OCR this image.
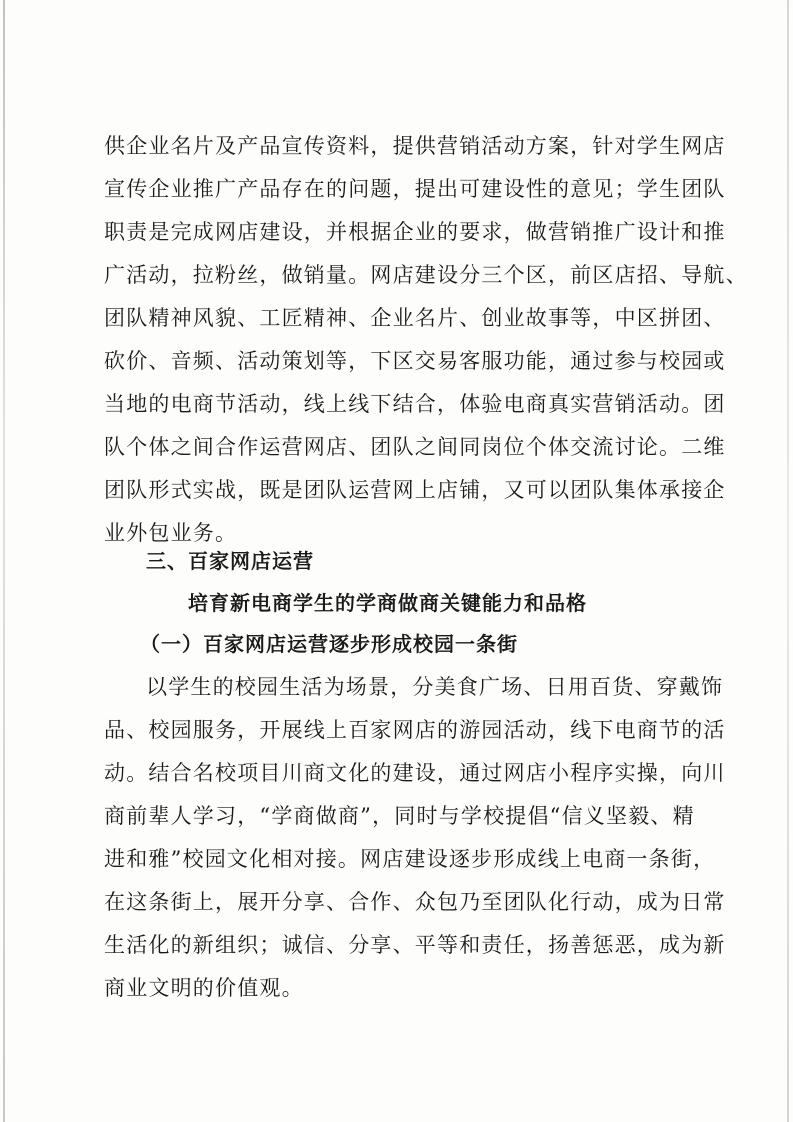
供企业名片及产品宣传资料，提供营销活动方案，针对学生网店
宣传企业推广产品存在的问题，提出可建设性的意见；学生团队
职责是完成网店建设，并根据企业的要求，做营销推广设计和推
广活动，拉粉丝，做销量。网店建设分三个区，前区店招、导航、
团队精神风貌、工匠精神、企业名片、创业故事等，中区拼团、
砍价、音频、活动策划等，下区交易客服功能，通过参与校园或
当地的电商节活动，线上线下结合，体验电商真实营销活动。团
队个体之间合作运营网店、团队之间同岗位个体交流讨论。二维
团队形式实战，既是团队运营网上店铺，又可以团队集体承接企
业外包业务。
三、百家网店运营
培育新电商学生的学商做商关键能力和品格
（一）百家网店运营逐步形成校园一条街
以学生的校园生活为场景，分美食广场、日用百货、穿戴饰
品、校园服务，开展线上百家网店的游园活动，线下电商节的活
动。结合名校项目川商文化的建设，通过网店小程序实操，向川
商前辈人学习，“学商做商”，同时与学校提倡“信义坚毅、精
进和雅”校园文化相对接。网店建设逐步形成线上电商一条街，
在这条街上，展开分享、合作、众包乃至团队化行动，成为日常
生活化的新组织；诚信、分享、平等和责任，扬善惩恶，成为新
商业文明的价值观。
